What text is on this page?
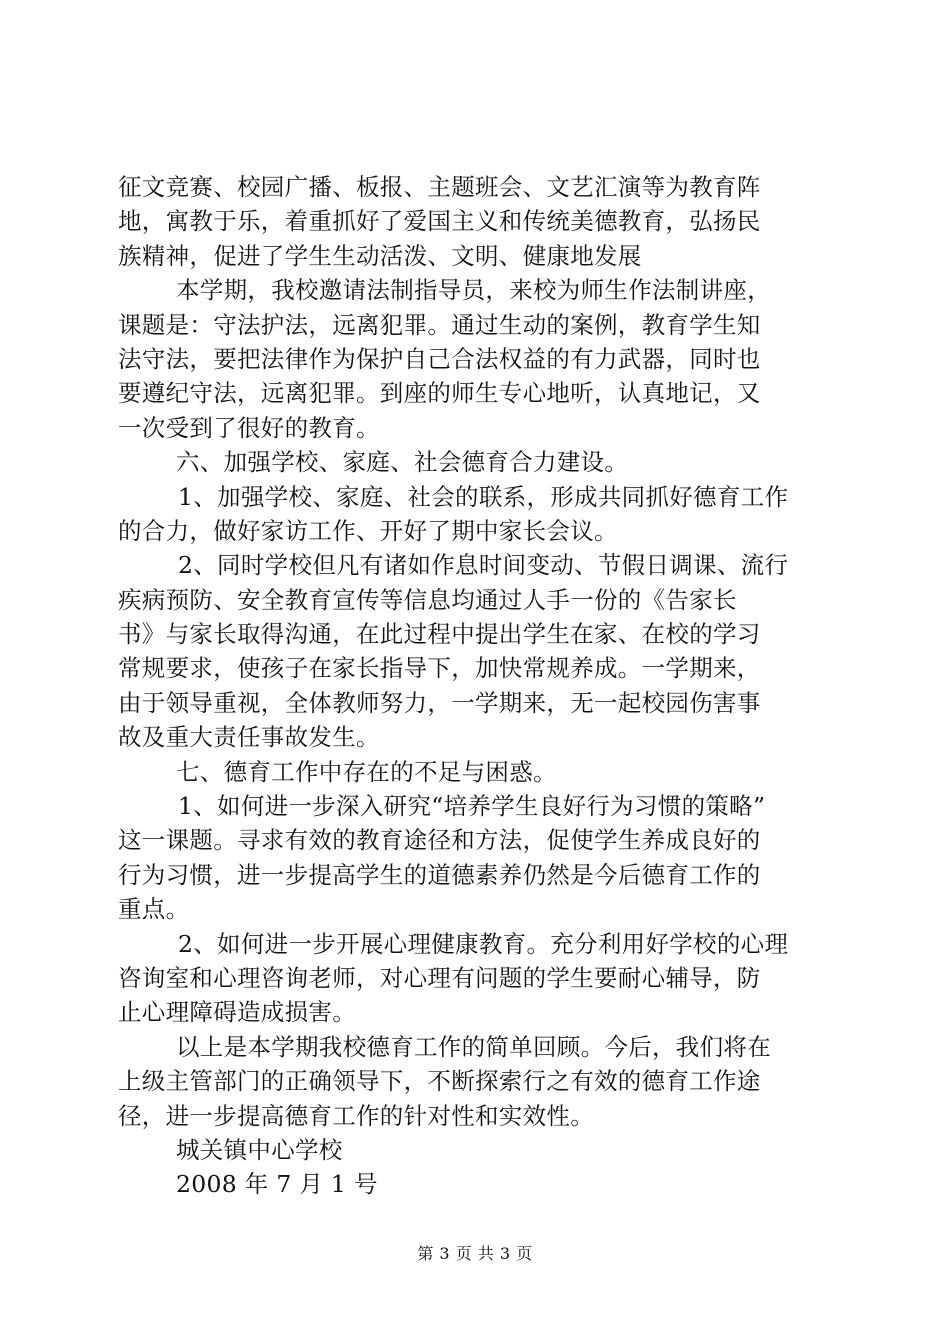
征文竞赛、校园广播、板报、主题班会、文艺汇演等为教育阵
地，寓教于乐，着重抓好了爱国主义和传统美德教育，弘扬民
族精神，促进了学生生动活泼、文明、健康地发展
本学期，我校邀请法制指导员，来校为师生作法制讲座，
课题是：守法护法，远离犯罪。通过生动的案例，教育学生知
法守法，要把法律作为保护自己合法权益的有力武器，同时也
要遵纪守法，远离犯罪。到座的师生专心地听，认真地记，又
一次受到了很好的教育。
六、加强学校、家庭、社会德育合力建设。
1、加强学校、家庭、社会的联系，形成共同抓好德育工作
的合力，做好家访工作、开好了期中家长会议。
2、同时学校但凡有诸如作息时间变动、节假日调课、流行
疾病预防、安全教育宣传等信息均通过人手一份的《告家长
书》与家长取得沟通，在此过程中提出学生在家、在校的学习
常规要求，使孩子在家长指导下，加快常规养成。一学期来，
由于领导重视，全体教师努力，一学期来，无一起校园伤害事
故及重大责任事故发生。
七、德育工作中存在的不足与困惑。
1、如何进一步深入研究“培养学生良好行为习惯的策略”
这一课题。寻求有效的教育途径和方法，促使学生养成良好的
行为习惯，进一步提高学生的道德素养仍然是今后德育工作的
重点。
2、如何进一步开展心理健康教育。充分利用好学校的心理
咨询室和心理咨询老师，对心理有问题的学生要耐心辅导，防
止心理障碍造成损害。
以上是本学期我校德育工作的简单回顾。今后，我们将在
上级主管部门的正确领导下，不断探索行之有效的德育工作途
径，进一步提高德育工作的针对性和实效性。
城关镇中心学校
2008 年 7 月 1 号
第 3 页 共 3 页
